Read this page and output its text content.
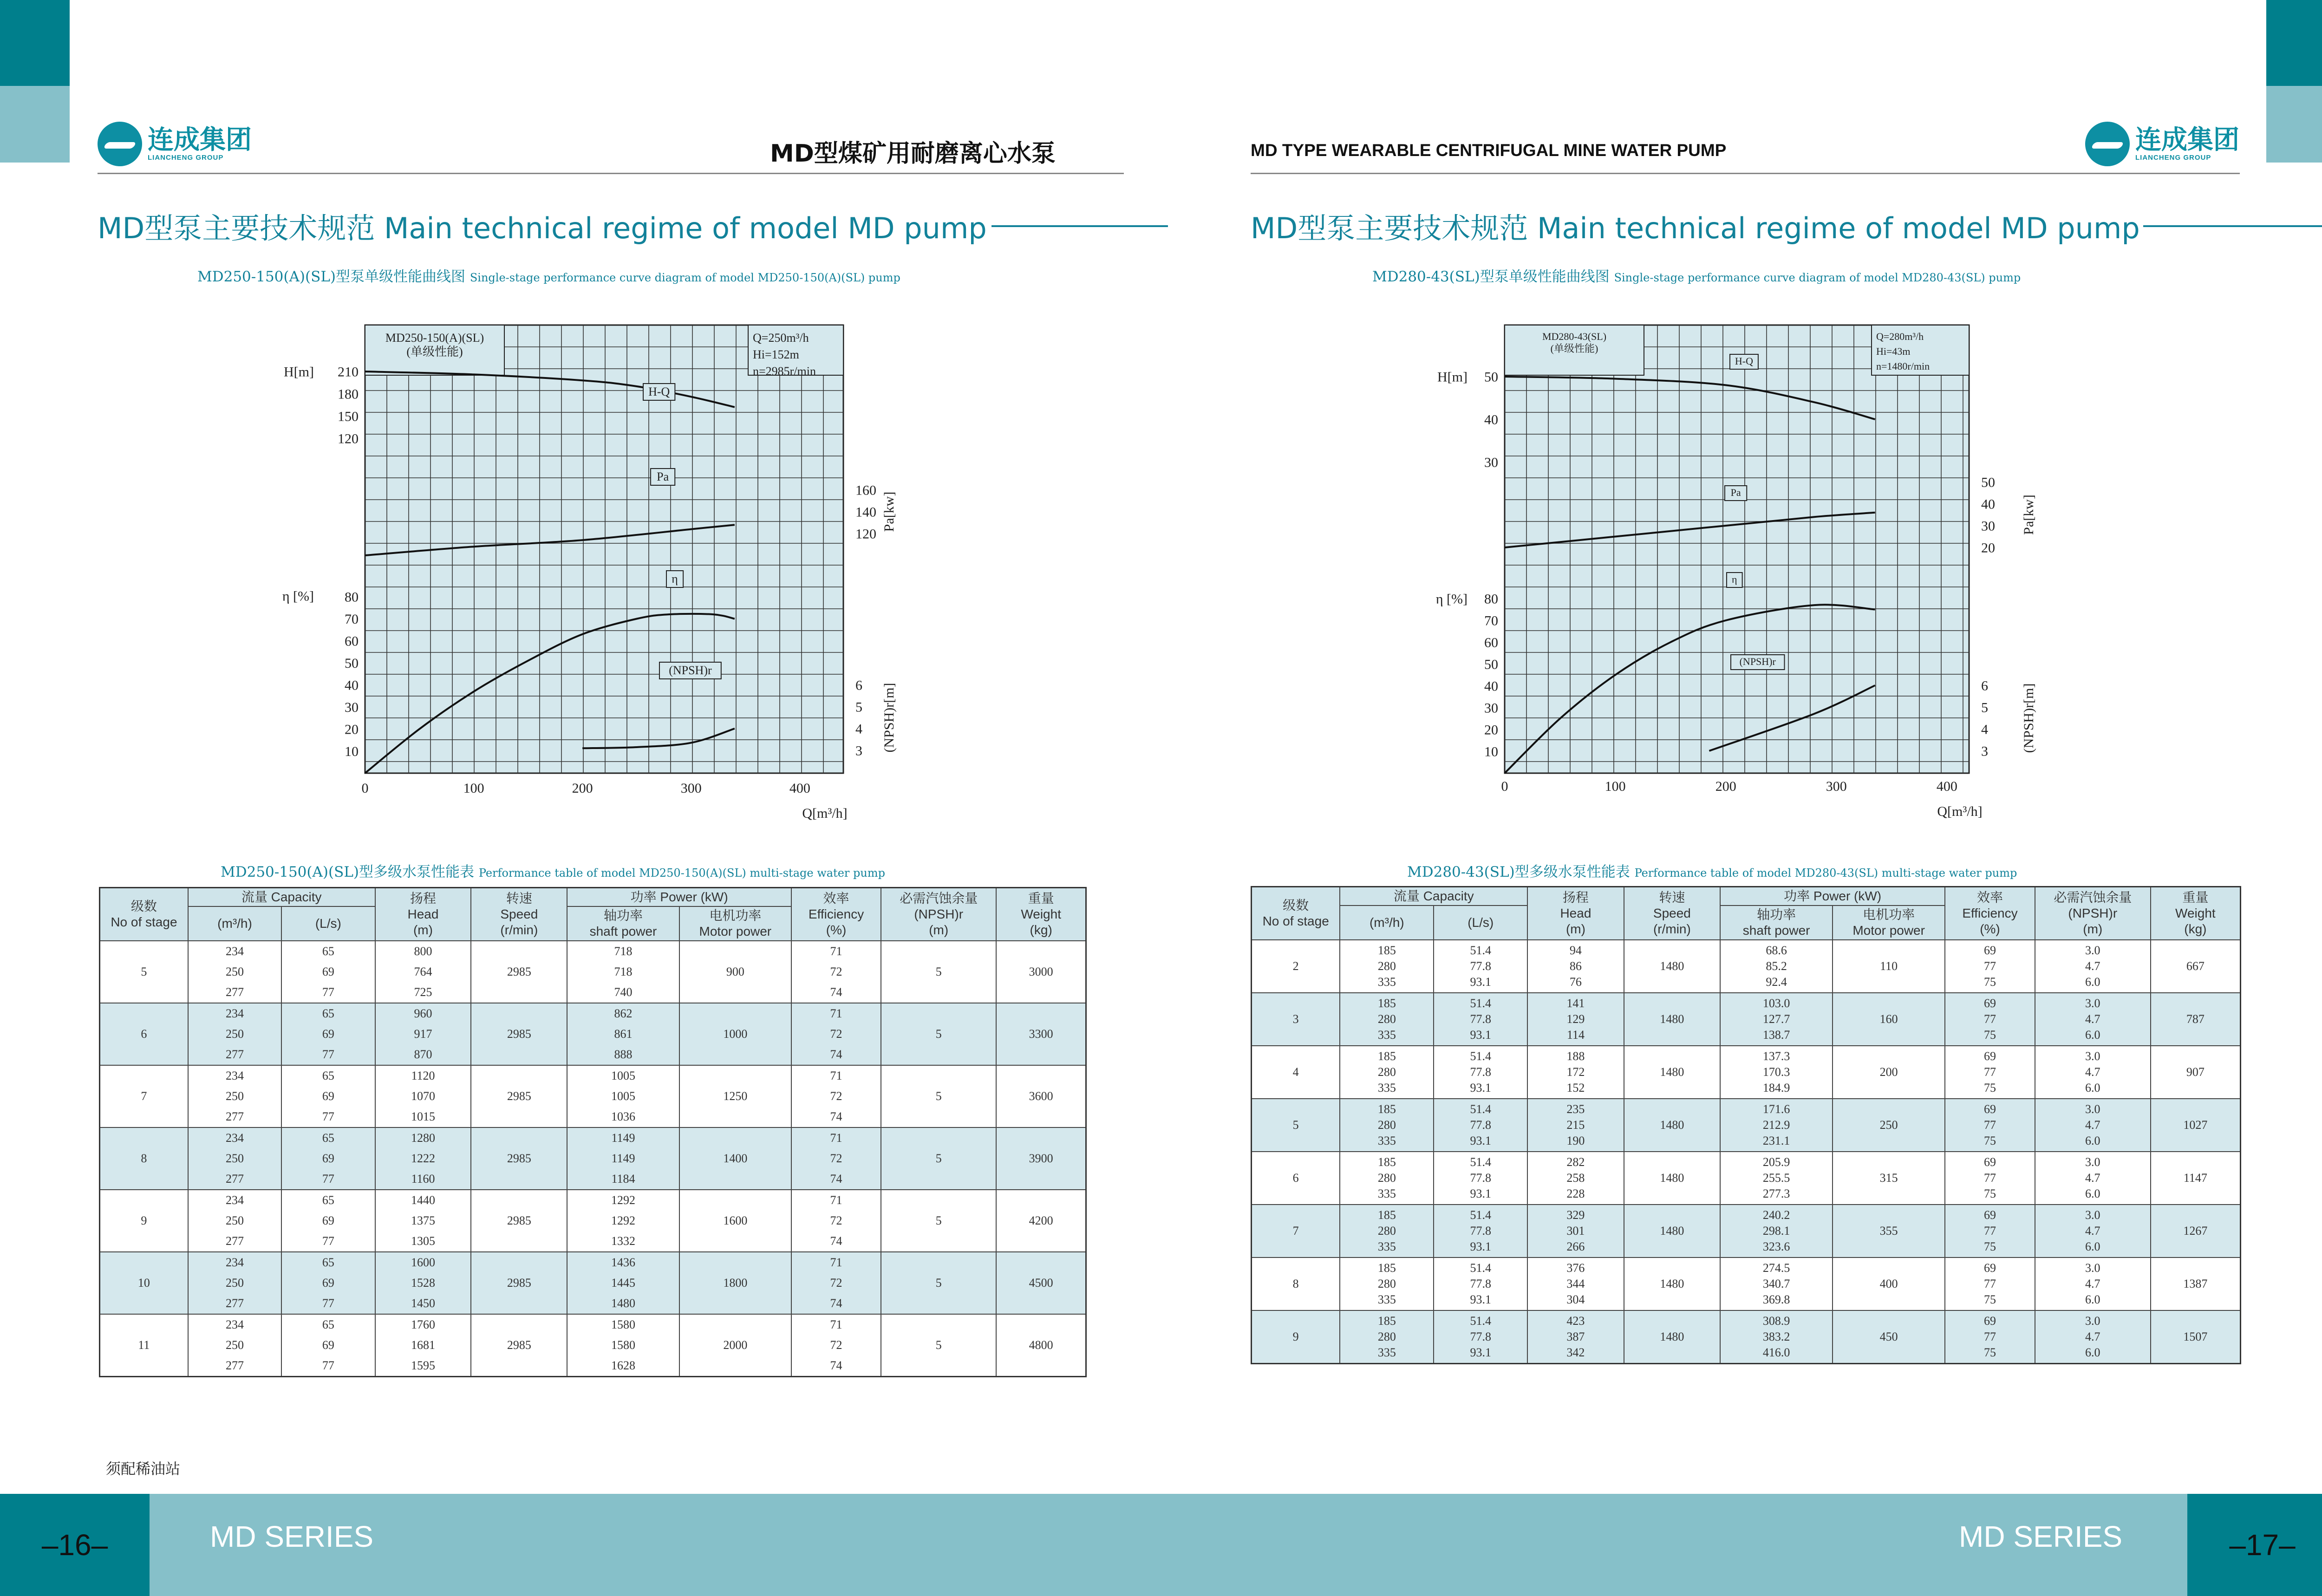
连成集团
LIANCHENG GROUP
连成集团
LIANCHENG GROUP
MD型煤矿用耐磨离心水泵	MD TYPE WEARABLE CENTRIFUGAL MINE WATER PUMP
MD型泵主要技术规范 Main technical regime of model MD pump	MD型泵主要技术规范 Main technical regime of model MD pump
MD250-150(A)(SL)型泵单级性能曲线图 Single-stage performance curve diagram of model MD250-150(A)(SL) pump	MD280-43(SL)型泵单级性能曲线图 Single-stage performance curve diagram of model MD280-43(SL) pump
MD250-150(A)(SL)
(单级性能)
Q=250m³/h
Hi=152m
n=2985r/min
0	100	200	300	400
Q[m³/h]
210
180
150
120
160
140
120
80
70
60
50
40
30
20
10
6
5
4
3
H[m]
η [%]
Pa[kw]
(NPSH)r[m]
H-Q
Pa
η
(NPSH)r
MD280-43(SL)
(单级性能)
Q=280m³/h
Hi=43m
n=1480r/min
0	100	200	300	400
Q[m³/h]
50
40
30
50
40
30
20
80
70
60
50
40
30
20
10
6
5
4
3
H[m]
η [%]
Pa[kw]
(NPSH)r[m]
H-Q
Pa
η
(NPSH)r
MD250-150(A)(SL)型多级水泵性能表 Performance table of model MD250-150(A)(SL) multi-stage water pump	MD280-43(SL)型多级水泵性能表 Performance table of model MD280-43(SL) multi-stage water pump
级数
No of stage	流量 Capacity		扬程
Head
(m)	转速
Speed
(r/min)	功率 Power (kW)		效率
Efficiency
(%)	必需汽蚀余量
(NPSH)r
(m)	重量
Weight
(kg)
	(m³/h)	(L/s)			轴功率
shaft power	电机功率
Motor power			
5	234
250
277	65
69
77	800
764
725	2985	718
718
740	900	71
72
74	5	3000
6	234
250
277	65
69
77	960
917
870	2985	862
861
888	1000	71
72
74	5	3300
7	234
250
277	65
69
77	1120
1070
1015	2985	1005
1005
1036	1250	71
72
74	5	3600
8	234
250
277	65
69
77	1280
1222
1160	2985	1149
1149
1184	1400	71
72
74	5	3900
9	234
250
277	65
69
77	1440
1375
1305	2985	1292
1292
1332	1600	71
72
74	5	4200
10	234
250
277	65
69
77	1600
1528
1450	2985	1436
1445
1480	1800	71
72
74	5	4500
11	234
250
277	65
69
77	1760
1681
1595	2985	1580
1580
1628	2000	71
72
74	5	4800
级数
No of stage	流量 Capacity		扬程
Head
(m)	转速
Speed
(r/min)	功率 Power (kW)		效率
Efficiency
(%)	必需汽蚀余量
(NPSH)r
(m)	重量
Weight
(kg)
	(m³/h)	(L/s)			轴功率
shaft power	电机功率
Motor power			
2	185
280
335	51.4
77.8
93.1	94
86
76	1480	68.6
85.2
92.4	110	69
77
75	3.0
4.7
6.0	667
3	185
280
335	51.4
77.8
93.1	141
129
114	1480	103.0
127.7
138.7	160	69
77
75	3.0
4.7
6.0	787
4	185
280
335	51.4
77.8
93.1	188
172
152	1480	137.3
170.3
184.9	200	69
77
75	3.0
4.7
6.0	907
5	185
280
335	51.4
77.8
93.1	235
215
190	1480	171.6
212.9
231.1	250	69
77
75	3.0
4.7
6.0	1027
6	185
280
335	51.4
77.8
93.1	282
258
228	1480	205.9
255.5
277.3	315	69
77
75	3.0
4.7
6.0	1147
7	185
280
335	51.4
77.8
93.1	329
301
266	1480	240.2
298.1
323.6	355	69
77
75	3.0
4.7
6.0	1267
8	185
280
335	51.4
77.8
93.1	376
344
304	1480	274.5
340.7
369.8	400	69
77
75	3.0
4.7
6.0	1387
9	185
280
335	51.4
77.8
93.1	423
387
342	1480	308.9
383.2
416.0	450	69
77
75	3.0
4.7
6.0	1507
须配稀油站
–16–	MD SERIES	MD SERIES	–17–
